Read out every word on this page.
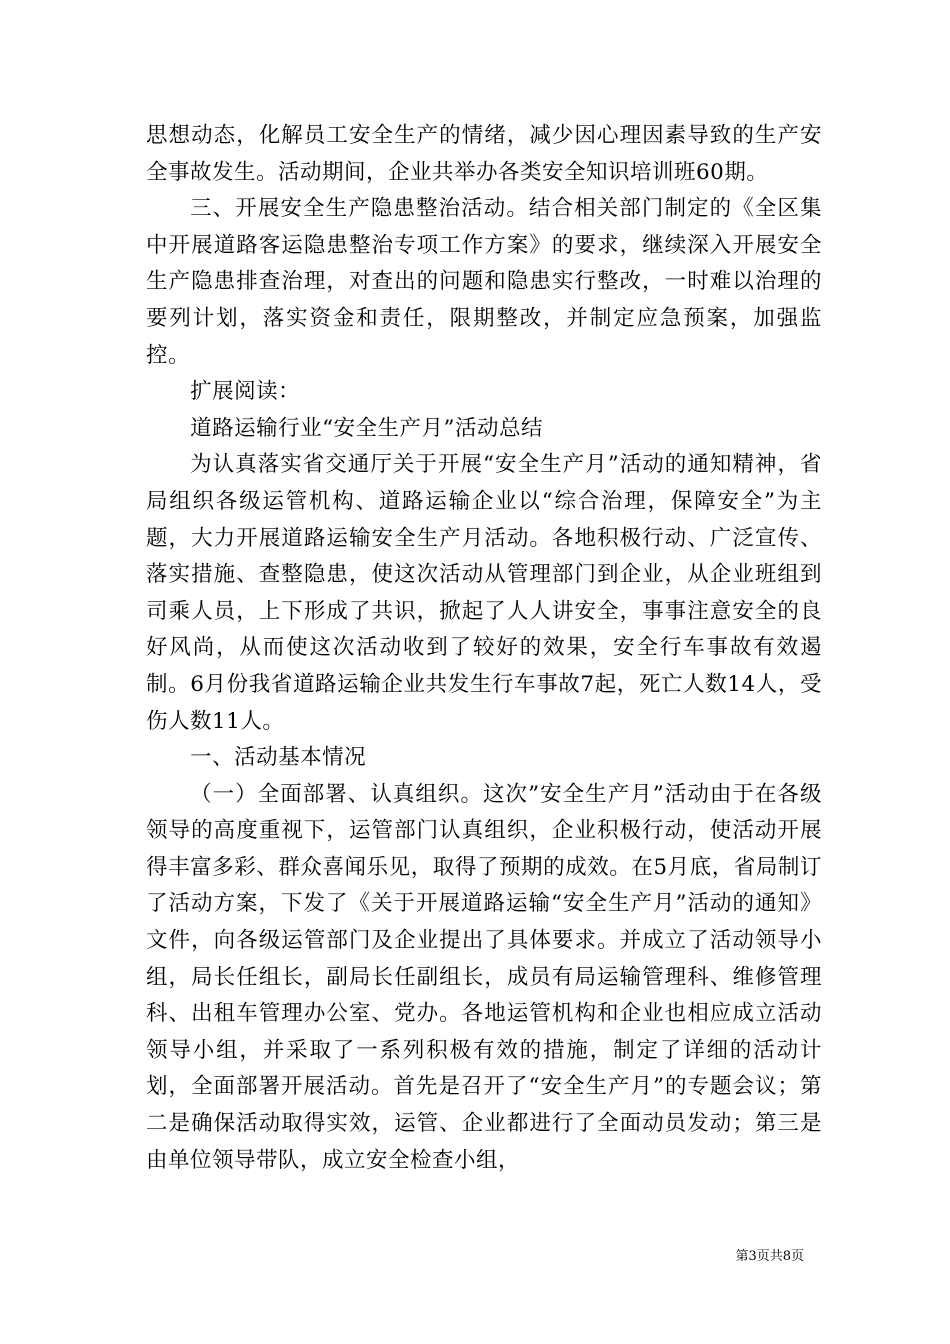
思想动态，化解员工安全生产的情绪，减少因心理因素导致的生产安全事故发生。活动期间，企业共举办各类安全知识培训班60期。

三、开展安全生产隐患整治活动。结合相关部门制定的《全区集中开展道路客运隐患整治专项工作方案》的要求，继续深入开展安全生产隐患排查治理，对查出的问题和隐患实行整改，一时难以治理的要列计划，落实资金和责任，限期整改，并制定应急预案，加强监控。

扩展阅读：

道路运输行业“安全生产月”活动总结

为认真落实省交通厅关于开展“安全生产月”活动的通知精神，省局组织各级运管机构、道路运输企业以“综合治理，保障安全”为主题，大力开展道路运输安全生产月活动。各地积极行动、广泛宣传、落实措施、查整隐患，使这次活动从管理部门到企业，从企业班组到司乘人员，上下形成了共识，掀起了人人讲安全，事事注意安全的良好风尚，从而使这次活动收到了较好的效果，安全行车事故有效遏制。6月份我省道路运输企业共发生行车事故7起，死亡人数14人，受伤人数11人。

一、活动基本情况

（一）全面部署、认真组织。这次”安全生产月”活动由于在各级领导的高度重视下，运管部门认真组织，企业积极行动，使活动开展得丰富多彩、群众喜闻乐见，取得了预期的成效。在5月底，省局制订了活动方案，下发了《关于开展道路运输“安全生产月”活动的通知》文件，向各级运管部门及企业提出了具体要求。并成立了活动领导小组，局长任组长，副局长任副组长，成员有局运输管理科、维修管理科、出租车管理办公室、党办。各地运管机构和企业也相应成立活动领导小组，并采取了一系列积极有效的措施，制定了详细的活动计划，全面部署开展活动。首先是召开了“安全生产月”的专题会议；第二是确保活动取得实效，运管、企业都进行了全面动员发动；第三是由单位领导带队，成立安全检查小组，

第3页共8页
